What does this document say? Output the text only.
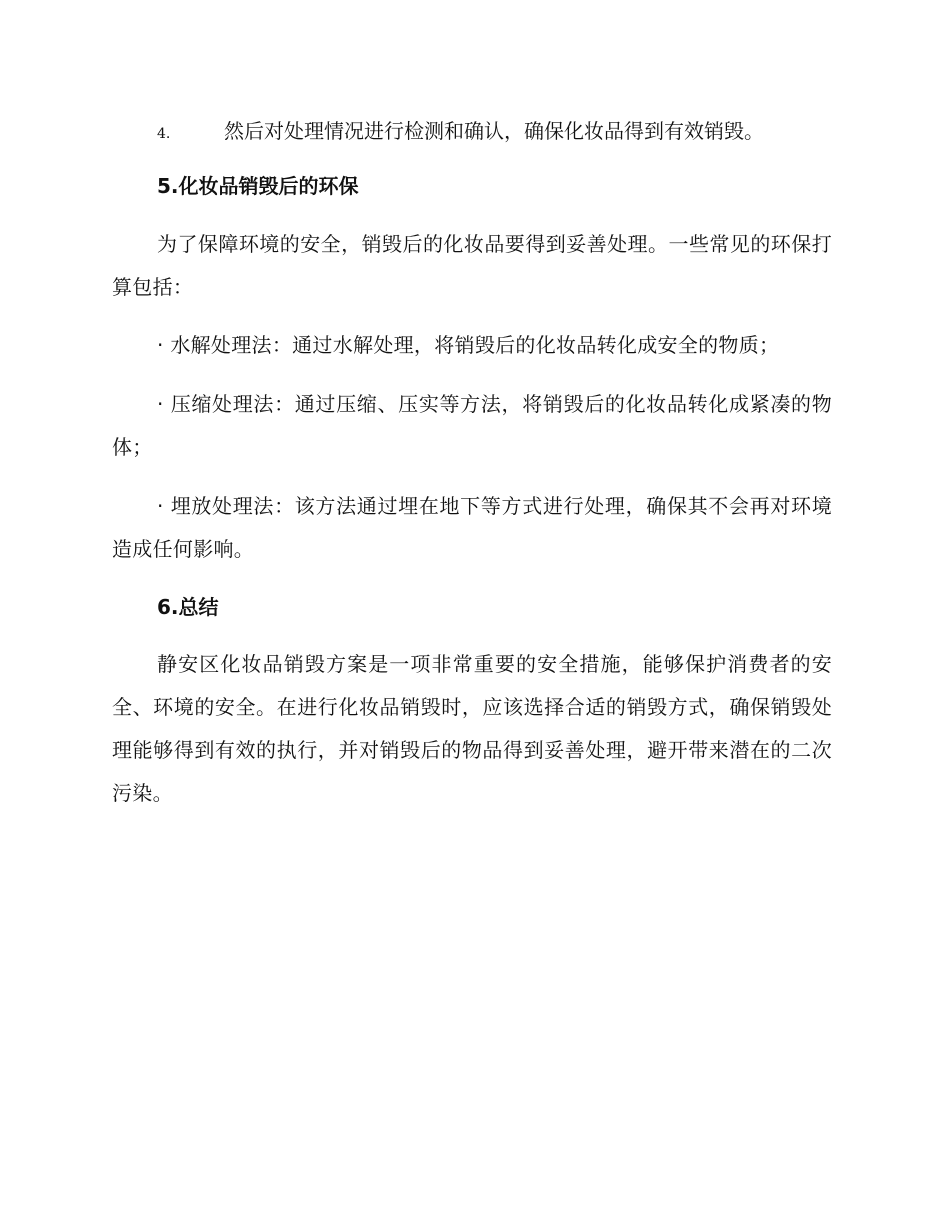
4.	然后对处理情况进行检测和确认，确保化妆品得到有效销毁。
5.化妆品销毁后的环保

为了保障环境的安全，销毁后的化妆品要得到妥善处理。一些常见的环保打算包括：

· 水解处理法：通过水解处理，将销毁后的化妆品转化成安全的物质；

· 压缩处理法：通过压缩、压实等方法，将销毁后的化妆品转化成紧凑的物体；

· 埋放处理法：该方法通过埋在地下等方式进行处理，确保其不会再对环境造成任何影响。

6.总结

静安区化妆品销毁方案是一项非常重要的安全措施，能够保护消费者的安全、环境的安全。在进行化妆品销毁时，应该选择合适的销毁方式，确保销毁处理能够得到有效的执行，并对销毁后的物品得到妥善处理，避开带来潜在的二次污染。
